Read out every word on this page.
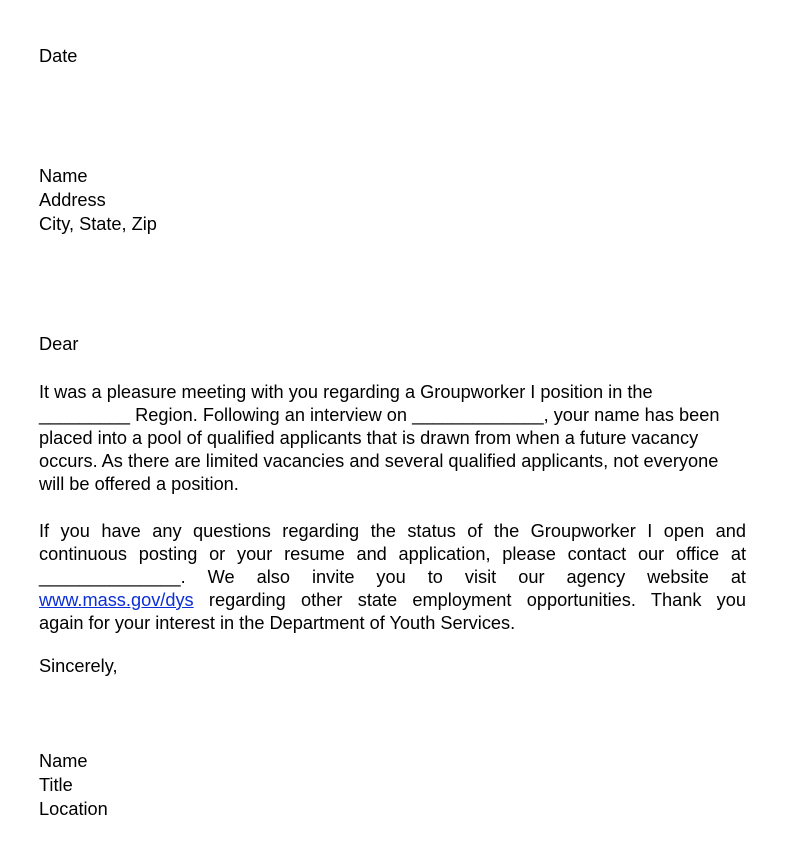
Date
Name
Address
City, State, Zip
Dear
It was a pleasure meeting with you regarding a Groupworker I position in the
_________ Region. Following an interview on _____________, your name has been
placed into a pool of qualified applicants that is drawn from when a future vacancy
occurs. As there are limited vacancies and several qualified applicants, not everyone
will be offered a position.
If you have any questions regarding the status of the Groupworker I open and
continuous posting or your resume and application, please contact our office at
______________. We also invite you to visit our agency website at
www.mass.gov/dys regarding other state employment opportunities. Thank you
again for your interest in the Department of Youth Services.
Sincerely,
Name
Title
Location
